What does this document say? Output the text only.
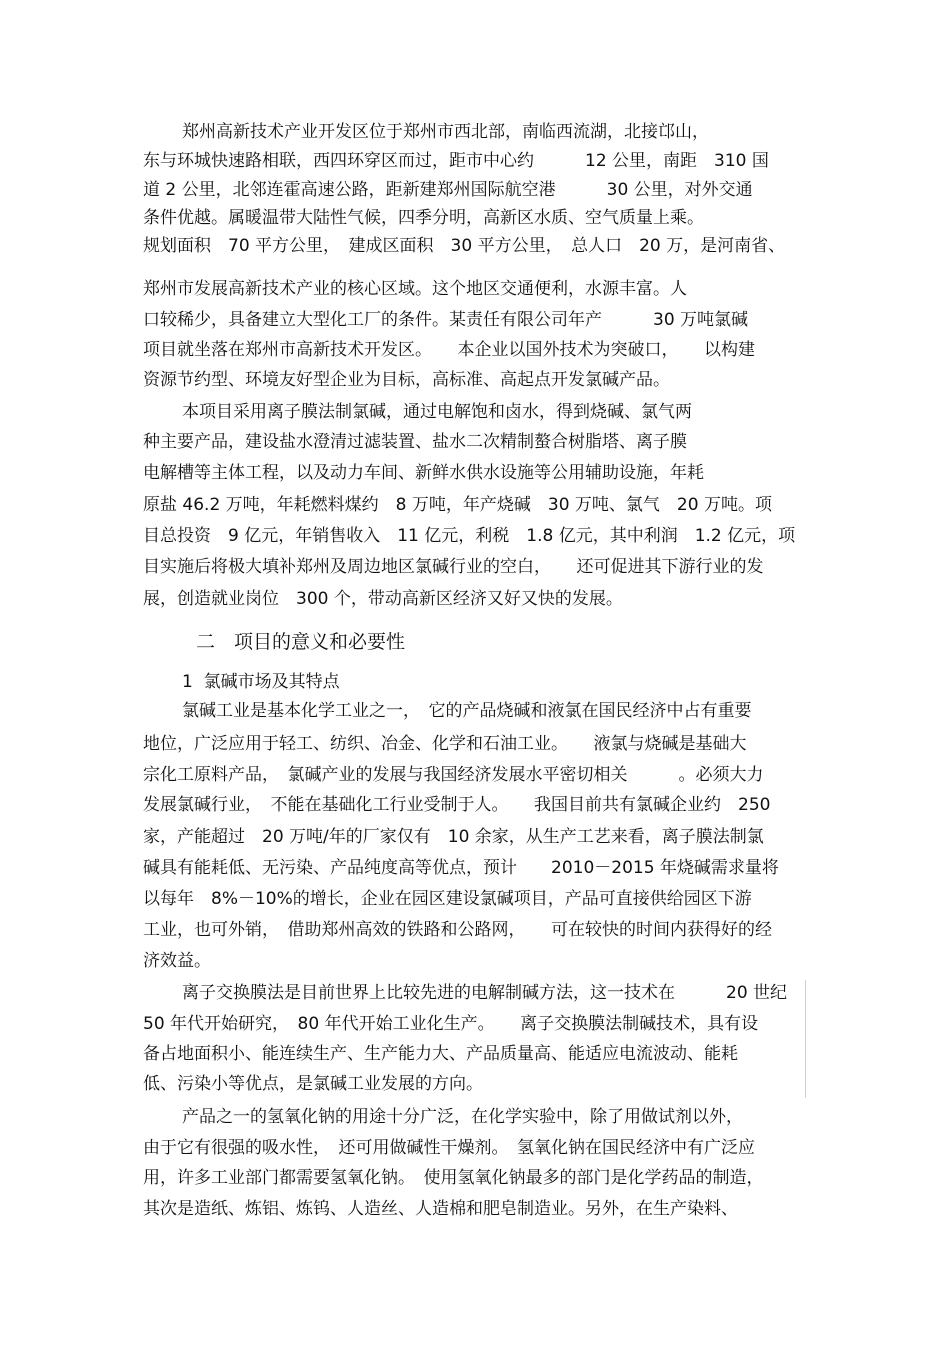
郑州高新技术产业开发区位于郑州市西北部，南临西流湖，北接邙山，
东与环城快速路相联，西四环穿区而过，距市中心约　　　12 公里，南距　310 国
道 2 公里，北邻连霍高速公路，距新建郑州国际航空港　　　30 公里，对外交通
条件优越。属暖温带大陆性气候，四季分明，高新区水质、空气质量上乘。
规划面积　70 平方公里，　建成区面积　30 平方公里，　总人口　20 万，是河南省、
郑州市发展高新技术产业的核心区域。这个地区交通便利，水源丰富。人
口较稀少，具备建立大型化工厂的条件。某责任有限公司年产　　　30 万吨氯碱
项目就坐落在郑州市高新技术开发区。　　本企业以国外技术为突破口，　　以构建
资源节约型、环境友好型企业为目标，高标准、高起点开发氯碱产品。
本项目采用离子膜法制氯碱，通过电解饱和卤水，得到烧碱、氯气两
种主要产品，建设盐水澄清过滤装置、盐水二次精制螯合树脂塔、离子膜
电解槽等主体工程，以及动力车间、新鲜水供水设施等公用辅助设施，年耗
原盐 46.2 万吨，年耗燃料煤约　8 万吨，年产烧碱　30 万吨、氯气　20 万吨。项
目总投资　9 亿元，年销售收入　11 亿元，利税　1.8 亿元，其中利润　1.2 亿元，项
目实施后将极大填补郑州及周边地区氯碱行业的空白，　　还可促进其下游行业的发
展，创造就业岗位　300 个，带动高新区经济又好又快的发展。
二　项目的意义和必要性
1  氯碱市场及其特点
氯碱工业是基本化学工业之一，　它的产品烧碱和液氯在国民经济中占有重要
地位，广泛应用于轻工、纺织、冶金、化学和石油工业。　　液氯与烧碱是基础大
宗化工原料产品，　氯碱产业的发展与我国经济发展水平密切相关　　　。必须大力
发展氯碱行业，　不能在基础化工行业受制于人。　　我国目前共有氯碱企业约　250
家，产能超过　20 万吨/年的厂家仅有　10 余家，从生产工艺来看，离子膜法制氯
碱具有能耗低、无污染、产品纯度高等优点，预计　　2010－2015 年烧碱需求量将
以每年　8%－10%的增长，企业在园区建设氯碱项目，产品可直接供给园区下游
工业，也可外销，　借助郑州高效的铁路和公路网，　　可在较快的时间内获得好的经
济效益。
离子交换膜法是目前世界上比较先进的电解制碱方法，这一技术在　　　20 世纪
50 年代开始研究，　80 年代开始工业化生产。　　离子交换膜法制碱技术，具有设
备占地面积小、能连续生产、生产能力大、产品质量高、能适应电流波动、能耗
低、污染小等优点，是氯碱工业发展的方向。
产品之一的氢氧化钠的用途十分广泛，在化学实验中，除了用做试剂以外，
由于它有很强的吸水性，　还可用做碱性干燥剂。　氢氧化钠在国民经济中有广泛应
用，许多工业部门都需要氢氧化钠。　使用氢氧化钠最多的部门是化学药品的制造，
其次是造纸、炼铝、炼钨、人造丝、人造棉和肥皂制造业。另外，在生产染料、
